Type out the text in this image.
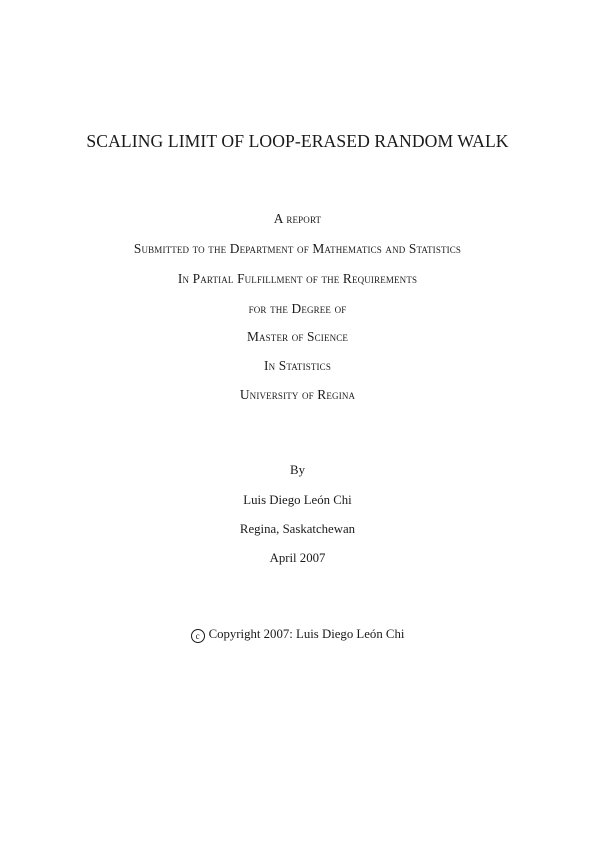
SCALING LIMIT OF LOOP-ERASED RANDOM WALK
A report
Submitted to the Department of Mathematics and Statistics
In Partial Fulfillment of the Requirements
for the Degree of
Master of Science
In Statistics
University of Regina
By
Luis Diego León Chi
Regina, Saskatchewan
April 2007
c Copyright 2007: Luis Diego León Chi
